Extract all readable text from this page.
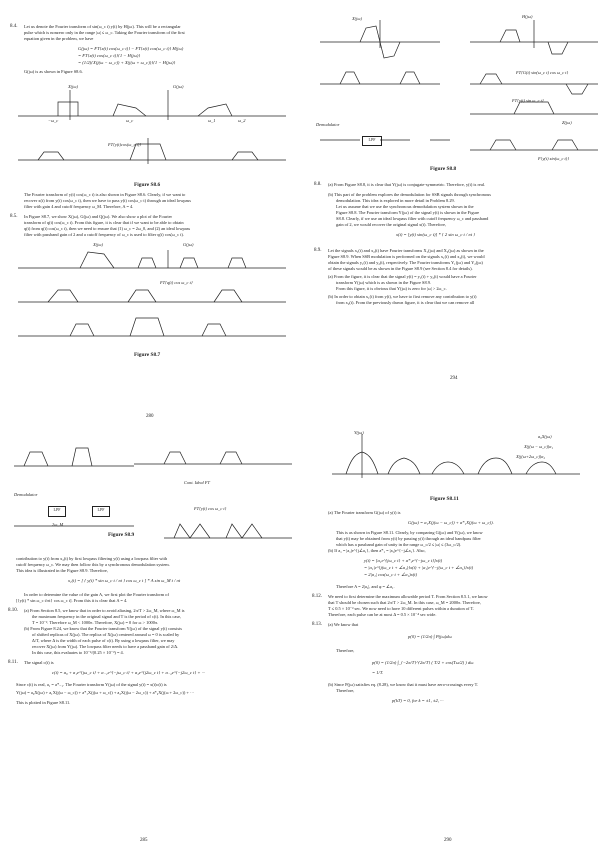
8.4. Let us denote the Fourier transform of sin(ω_c t) y(t) by H(jω). This will be a rectangular
pulse which is nonzero only in the range |ω| ≤ ω_c. Taking the Fourier transform of the first
equation given in the problem, we have
G(jω) = FT{x(t) cos(ω_c t)} − FT{x(t) cos(ω_c t)} H(jω)
= FT{x(t) cos(ω_c t)}{1 − H(jω)}
= (1/2){X(j(ω − ω_c)) + X(j(ω + ω_c))}{1 − H(jω)}
G(jω) is as shown in Figure S8.6.
X(jω)	G(jω)
FT{y(t)cos(ω_c t)}
ω_c
−ω_c	ω_1	ω_2
Figure S8.6
The Fourier transform of y(t) cos(ω_c t) is also shown in Figure S8.6. Clearly, if we want to
recover x(t) from y(t) cos(ω_c t), then we have to pass y(t) cos(ω_c t) through an ideal lowpass
filter with gain 4 and cutoff frequency ω_M. Therefore, A = 4.
8.5. In Figure S8.7, we show X(jω), G(jω) and Q(jω). We also show a plot of the Fourier
transform of q(t) cos(ω_c t). From this figure, it is clear that if we want to be able to obtain
q(t) from q(t) cos(ω_c t), then we need to ensure that (1) ω_c = 2ω_0, and (2) an ideal lowpass
filter with passband gain of 2 and a cutoff frequency of ω_c is used to filter q(t) cos(ω_c t).
X(jω)	G(jω)
FT{q(t) cos ω_c t}
Figure S8.7
280
X(jω)	H(jω)
Demodulator
LPF
FT{G(t) sin(ω_c t) cos ω_c t}
FT{y(t) sin ω_c t}
Z(jω)
F{y(t) sin(ω_c t)}
Figure S8.8
8.8. (a) From Figure S8.8, it is clear that Y(jω) is conjugate-symmetric. Therefore, y(t) is real.
(b) This part of the problem explores the demodulation for SSB signals through synchronous
demodulation. This idea is explored in more detail in Problem 8.29.
Let us assume that we use the synchronous demodulation system shown in the
Figure S8.8. The Fourier transform Y(jω) of the signal y(t) is shown in the Figure
S8.8. Clearly, if we use an ideal lowpass filter with cutoff frequency ω_c and passband
gain of 2, we would recover the original signal x(t). Therefore,
x(t) = [y(t) sin(ω_c t)] * { 2 sin ω_c t / πt }
8.9. Let the signals x₁(t) and x₂(t) have Fourier transforms X₁(jω) and X₂(jω) as shown in the
Figure S8.9. When SSB modulation is performed on the signals x₁(t) and x₂(t), we would
obtain the signals y₁(t) and y₂(t), respectively. The Fourier transforms Y₁(jω) and Y₂(jω)
of these signals would be as shown in the Figure S8.9 (see Section 8.4 for details).
(a) From the figure, it is clear that the signal y(t) = y₁(t) + y₂(t) would have a Fourier
transform Y(jω) which is as shown in the Figure S8.9.
From this figure, it is obvious that Y(jω) is zero for |ω| > 2ω_c.
(b) In order to obtain x₁(t) from y(t), we have to first remove any contribution to y(t)
from x₂(t). From the previously drawn figure, it is clear that we can remove all
294
Demodulator
LPF	LPF	FT{y(t) cos ω_c t}
Cont. Ideal FT
2ω_M
Figure S8.9
contribution to y(t) from x₂(t) by first lowpass filtering y(t) using a lowpass filter with
cutoff frequency ω_c. We may then follow this by a synchronous demodulation system.
This idea is illustrated in the Figure S8.9. Therefore,
x₁(t) = [ { y(t) * sin ω_c t / πt } cos ω_c t ] * A sin ω_M t / πt
In order to determine the value of the gain A, we first plot the Fourier transform of
[{y(t) * sin ω_c t/πt} cos ω_c t]. From this it is clear that A = 4.
8.10. (a) From Section 8.5, we know that in order to avoid aliasing, 2π/T > 2ω_M, where ω_M is
the maximum frequency in the original signal and T is the period of c(t). In this case,
T = 10⁻³. Therefore ω_M < 1000π. Therefore, X(jω) = 0 for ω > 1000π.
(b) From Figure 8.24, we know that the Fourier transform Y(jω) of the signal y(t) consists
of shifted replicas of X(jω). The replica of X(jω) centered around ω = 0 is scaled by
Δ/T, where Δ is the width of each pulse of c(t). By using a lowpass filter, we may
recover X(jω) from Y(jω). The lowpass filter needs to have a passband gain of 2/Δ.
In this case, this evaluates to 10⁻³/(0.25 × 10⁻³) = 4.
8.11. The signal c(t) is
c(t) = a₀ + a₁e^{jω_c t} + a₋₁e^{−jω_c t} + a₂e^{j2ω_c t} + a₋₂e^{−j2ω_c t} + ···
Since c(t) is real, a₁ = a*₋₁. The Fourier transform Y(jω) of the signal y(t) = x(t)c(t) is
Y(jω) = a₀X(jω) + a₁X(j(ω − ω_c)) + a*₁X(j(ω + ω_c)) + a₂X(j(ω − 2ω_c)) + a*₂X(j(ω + 2ω_c)) + ···
This is plotted in Figure S8.11.
285
Y(jω)
a₀X(jω)
X(j(ω − ω_c))a₁
X(j(ω+2ω_c))a₂
Figure S8.11
(a) The Fourier transform G(jω) of y(t) is
G(jω) = a₁X(j(ω − ω_c)) + a*₁X(j(ω + ω_c)).
This is as shown in Figure S8.11. Clearly, by comparing G(jω) and Y(jω), we know
that y(t) may be obtained from y(t) by passing y(t) through an ideal bandpass filter
which has a passband gain of unity in the range ω_c/2 ≤ |ω| ≤ (3ω_c/2).
(b) If a₁ = |a₁|e^{j∠a₁}, then a*₁ = |a₁|e^{−j∠a₁}. Also,
y(t) = [a₁e^{jω_c t} + a*₁e^{−jω_c t}]x(t)
= |a₁|e^{j(ω_c t + ∠a₁)}x(t) + |a₁|e^{−j(ω_c t + ∠a₁)}x(t)
= 2|a₁| cos(ω_c t + ∠a₁)x(t)
Therefore A = 2|a₁|, and φ = ∠a₁.
8.12. We need to first determine the maximum allowable period T. From Section 8.5.1, we know
that T should be chosen such that 2π/T > 2ω_M. In this case, ω_M = 2000π. Therefore,
T ≤ 0.5 × 10⁻³ sec. We now need to have 10 different pulses within a duration of T.
Therefore, each pulse can be at most Δ = 0.5 × 10⁻⁴ sec wide.
8.13. (a) We know that
p(0) = (1/2π) ∫ P(jω)dω
Therefore,
p(0) = (1/2π) ∫_{−2π/T}^{2π/T} ( T/2 + cos(Tω/2) ) dω
= 1/T.
(b) Since P(jω) satisfies eq. (8.28), we know that it must have zero-crossings every T.
Therefore,
p(kT) = 0, for k = ±1, ±2, ···
290
